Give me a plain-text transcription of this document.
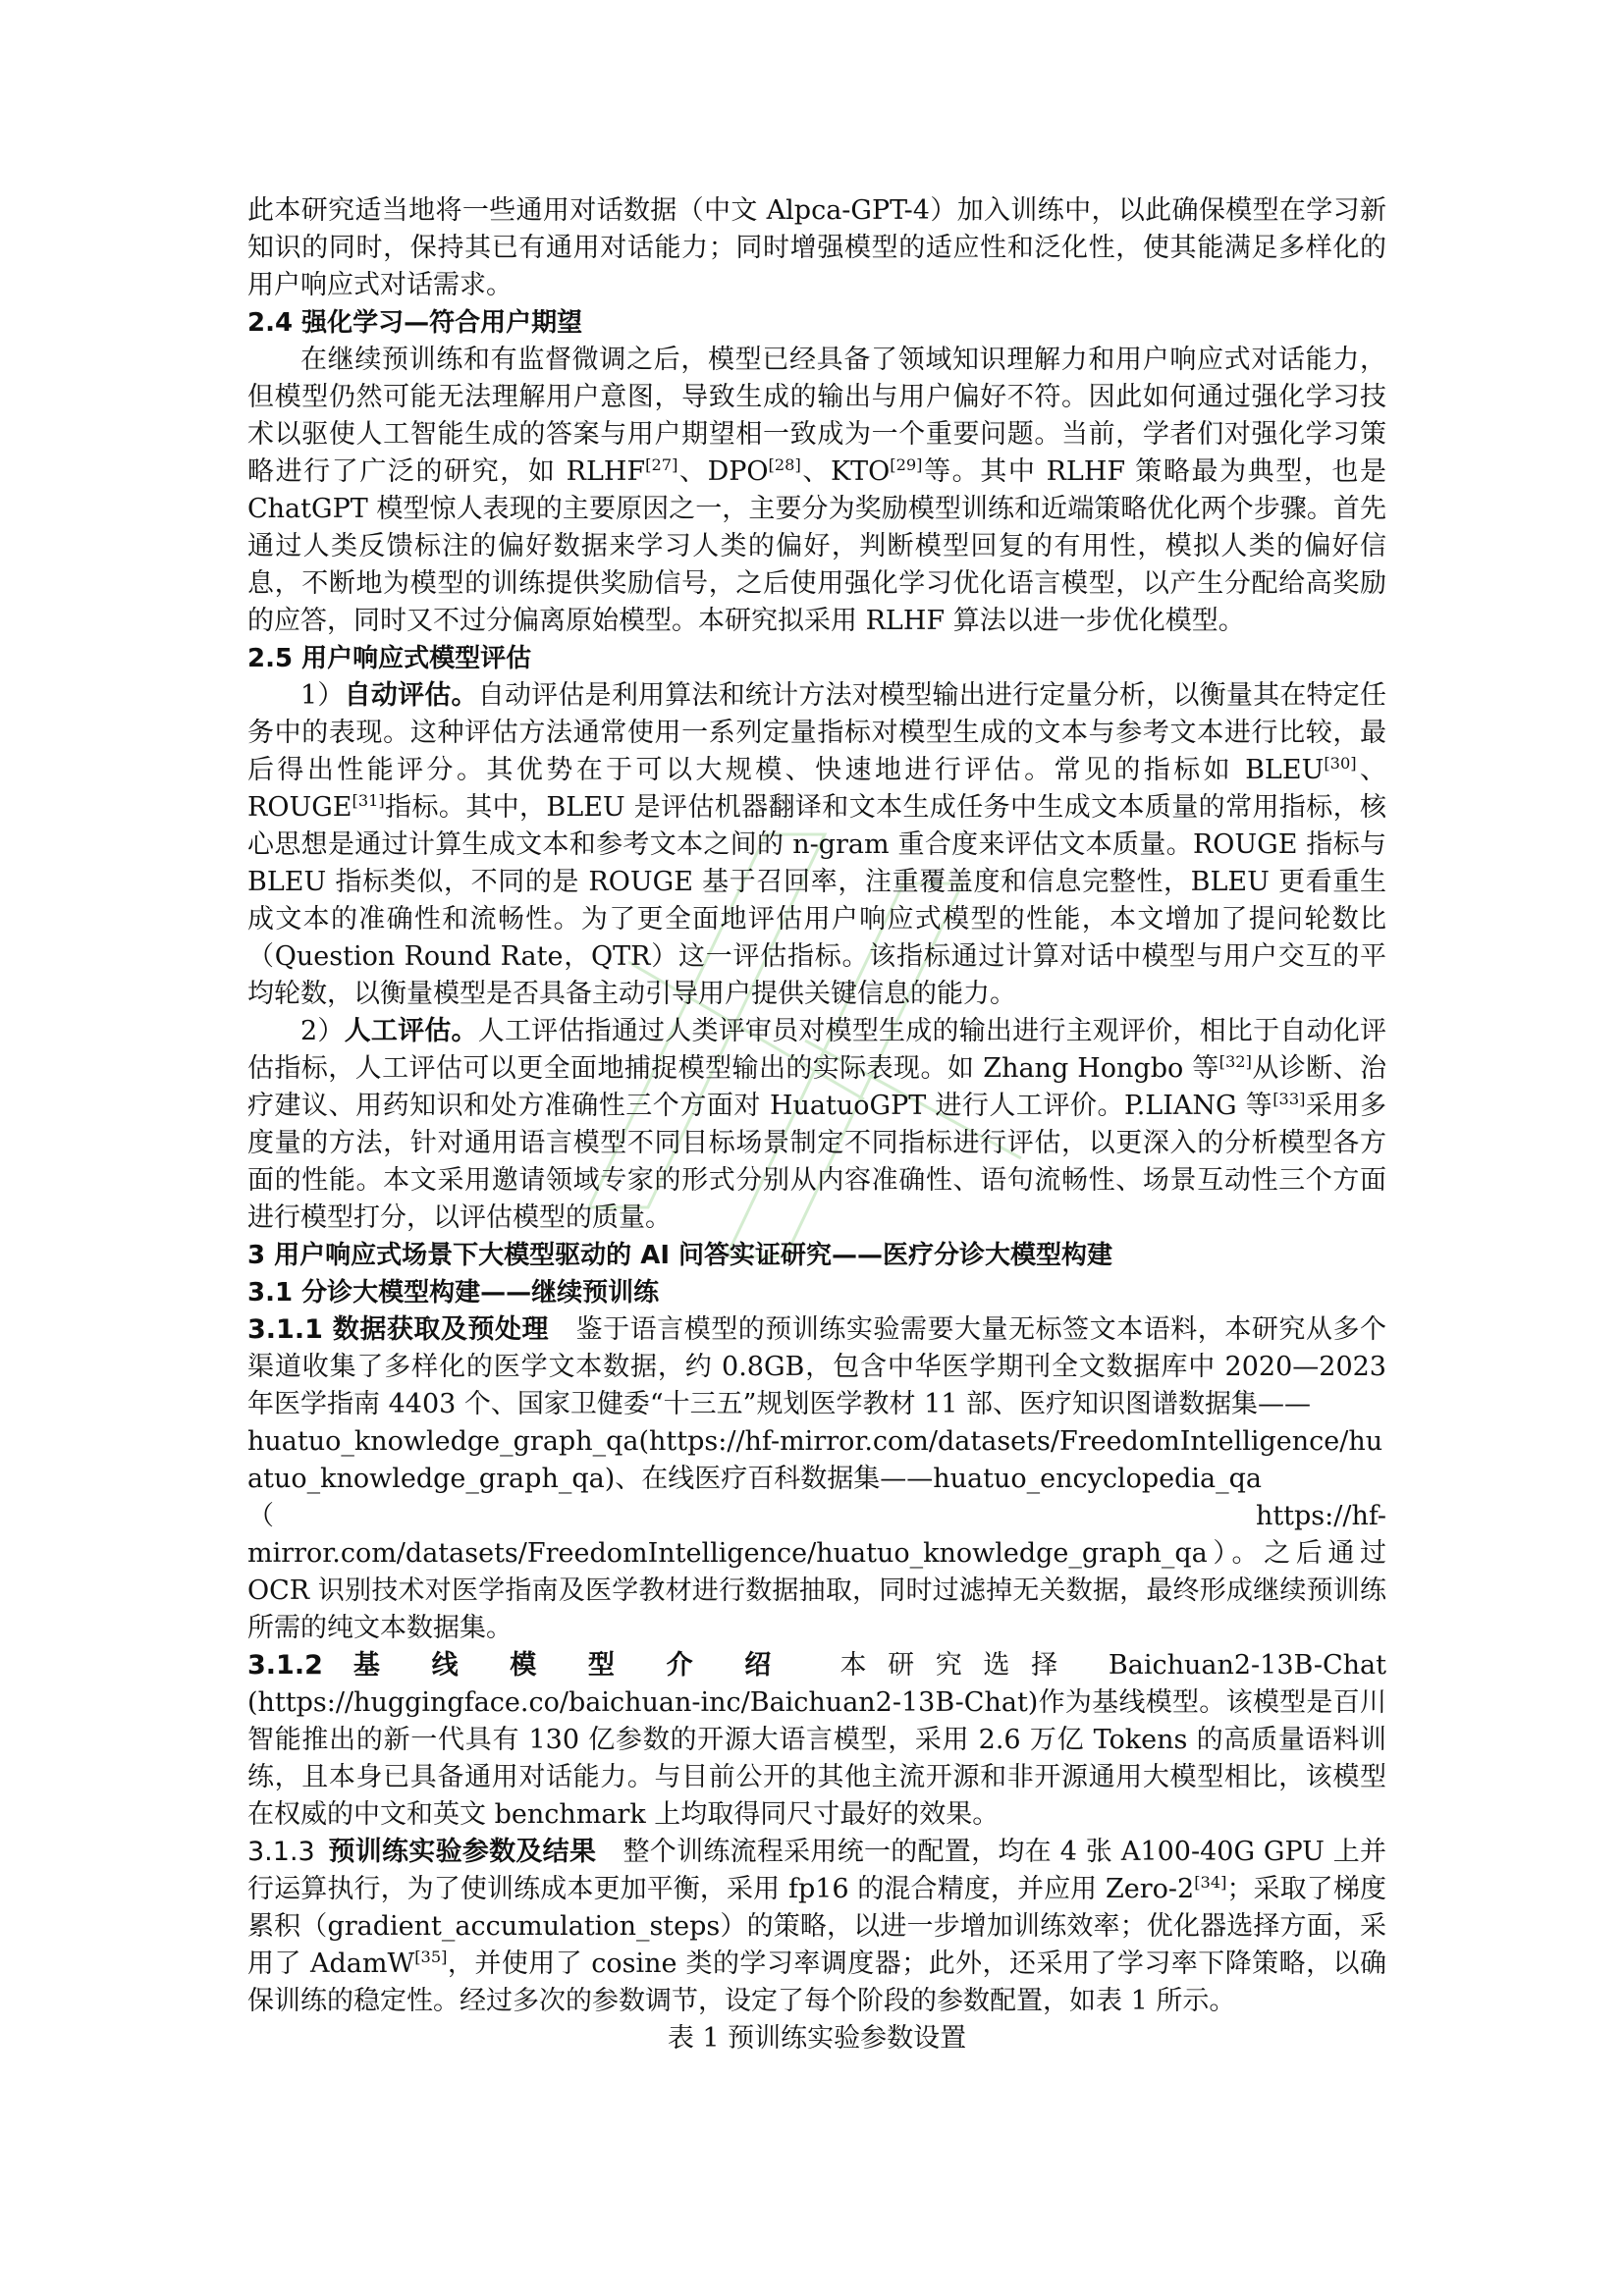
此本研究适当地将一些通用对话数据（中文 Alpca-GPT-4）加入训练中，以此确保模型在学习新知识的同时，保持其已有通用对话能力；同时增强模型的适应性和泛化性，使其能满足多样化的用户响应式对话需求。

2.4 强化学习—符合用户期望

在继续预训练和有监督微调之后，模型已经具备了领域知识理解力和用户响应式对话能力，但模型仍然可能无法理解用户意图，导致生成的输出与用户偏好不符。因此如何通过强化学习技术以驱使人工智能生成的答案与用户期望相一致成为一个重要问题。当前，学者们对强化学习策略进行了广泛的研究，如 RLHF[27]、DPO[28]、KTO[29]等。其中 RLHF 策略最为典型，也是 ChatGPT 模型惊人表现的主要原因之一，主要分为奖励模型训练和近端策略优化两个步骤。首先通过人类反馈标注的偏好数据来学习人类的偏好，判断模型回复的有用性，模拟人类的偏好信息，不断地为模型的训练提供奖励信号，之后使用强化学习优化语言模型，以产生分配给高奖励的应答，同时又不过分偏离原始模型。本研究拟采用 RLHF 算法以进一步优化模型。

2.5 用户响应式模型评估

1）自动评估。自动评估是利用算法和统计方法对模型输出进行定量分析，以衡量其在特定任务中的表现。这种评估方法通常使用一系列定量指标对模型生成的文本与参考文本进行比较，最后得出性能评分。其优势在于可以大规模、快速地进行评估。常见的指标如 BLEU[30]、ROUGE[31]指标。其中，BLEU 是评估机器翻译和文本生成任务中生成文本质量的常用指标，核心思想是通过计算生成文本和参考文本之间的 n-gram 重合度来评估文本质量。ROUGE 指标与 BLEU 指标类似，不同的是 ROUGE 基于召回率，注重覆盖度和信息完整性，BLEU 更看重生成文本的准确性和流畅性。为了更全面地评估用户响应式模型的性能，本文增加了提问轮数比（Question Round Rate，QTR）这一评估指标。该指标通过计算对话中模型与用户交互的平均轮数，以衡量模型是否具备主动引导用户提供关键信息的能力。

2）人工评估。人工评估指通过人类评审员对模型生成的输出进行主观评价，相比于自动化评估指标，人工评估可以更全面地捕捉模型输出的实际表现。如 Zhang Hongbo 等[32]从诊断、治疗建议、用药知识和处方准确性三个方面对 HuatuoGPT 进行人工评价。P.LIANG 等[33]采用多度量的方法，针对通用语言模型不同目标场景制定不同指标进行评估，以更深入的分析模型各方面的性能。本文采用邀请领域专家的形式分别从内容准确性、语句流畅性、场景互动性三个方面进行模型打分，以评估模型的质量。

3 用户响应式场景下大模型驱动的 AI 问答实证研究——医疗分诊大模型构建

3.1 分诊大模型构建——继续预训练

3.1.1 数据获取及预处理　 鉴于语言模型的预训练实验需要大量无标签文本语料，本研究从多个渠道收集了多样化的医学文本数据，约 0.8GB，包含中华医学期刊全文数据库中 2020—2023 年医学指南 4403 个、国家卫健委“十三五”规划医学教材 11 部、医疗知识图谱数据集——

huatuo_knowledge_graph_qa(https://hf-mirror.com/datasets/FreedomIntelligence/huatuo_knowledge_graph_qa)、在线医疗百科数据集——huatuo_encyclopedia_qa

（https://hf-mirror.com/datasets/FreedomIntelligence/huatuo_knowledge_graph_qa）。之后通过 OCR 识别技术对医学指南及医学教材进行数据抽取，同时过滤掉无关数据，最终形成继续预训练所需的纯文本数据集。

3.1.2 基 线 模 型 介 绍　 本研究选择 Baichuan2-13B-Chat (https://huggingface.co/baichuan-inc/Baichuan2-13B-Chat)作为基线模型。该模型是百川智能推出的新一代具有 130 亿参数的开源大语言模型，采用 2.6 万亿 Tokens 的高质量语料训练，且本身已具备通用对话能力。与目前公开的其他主流开源和非开源通用大模型相比，该模型在权威的中文和英文 benchmark 上均取得同尺寸最好的效果。

3.1.3  预训练实验参数及结果　 整个训练流程采用统一的配置，均在 4 张 A100-40G GPU 上并行运算执行，为了使训练成本更加平衡，采用 fp16 的混合精度，并应用 Zero-2[34]；采取了梯度累积（gradient_accumulation_steps）的策略，以进一步增加训练效率；优化器选择方面，采用了 AdamW[35]，并使用了 cosine 类的学习率调度器；此外，还采用了学习率下降策略，以确保训练的稳定性。经过多次的参数调节，设定了每个阶段的参数配置，如表 1 所示。

表 1 预训练实验参数设置
